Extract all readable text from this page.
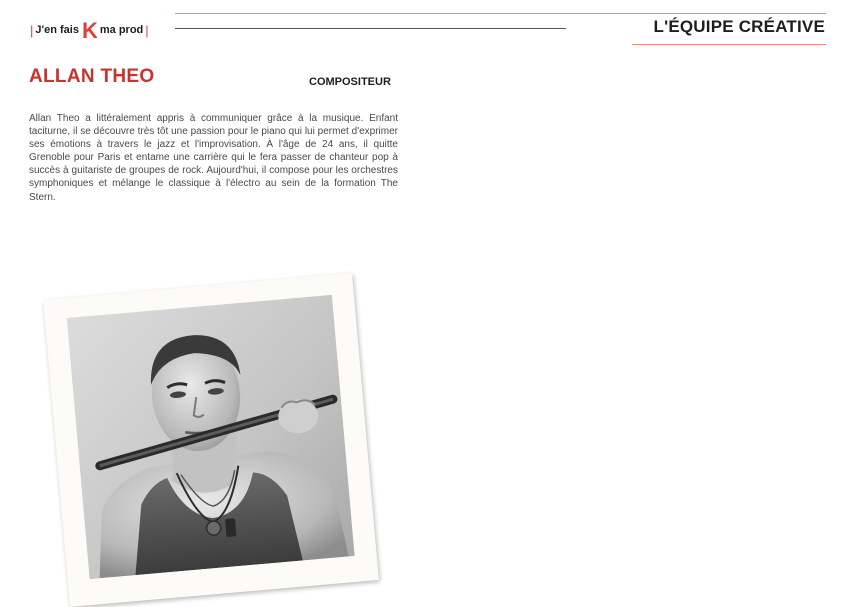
| J'en fais K ma prod |	L'ÉQUIPE CRÉATIVE
ALLAN THEO	COMPOSITEUR

Allan Theo a littéralement appris à communiquer grâce à la musique. Enfant taciturne, il se découvre très tôt une passion pour le piano qui lui permet d'exprimer ses émotions à travers le jazz et l'improvisation. À l'âge de 24 ans, il quitte Grenoble pour Paris et entame une carrière qui le fera passer de chanteur pop à succès à guitariste de groupes de rock. Aujourd'hui, il compose pour les orchestres symphoniques et mélange le classique à l'électro au sein de la formation The Stern.
